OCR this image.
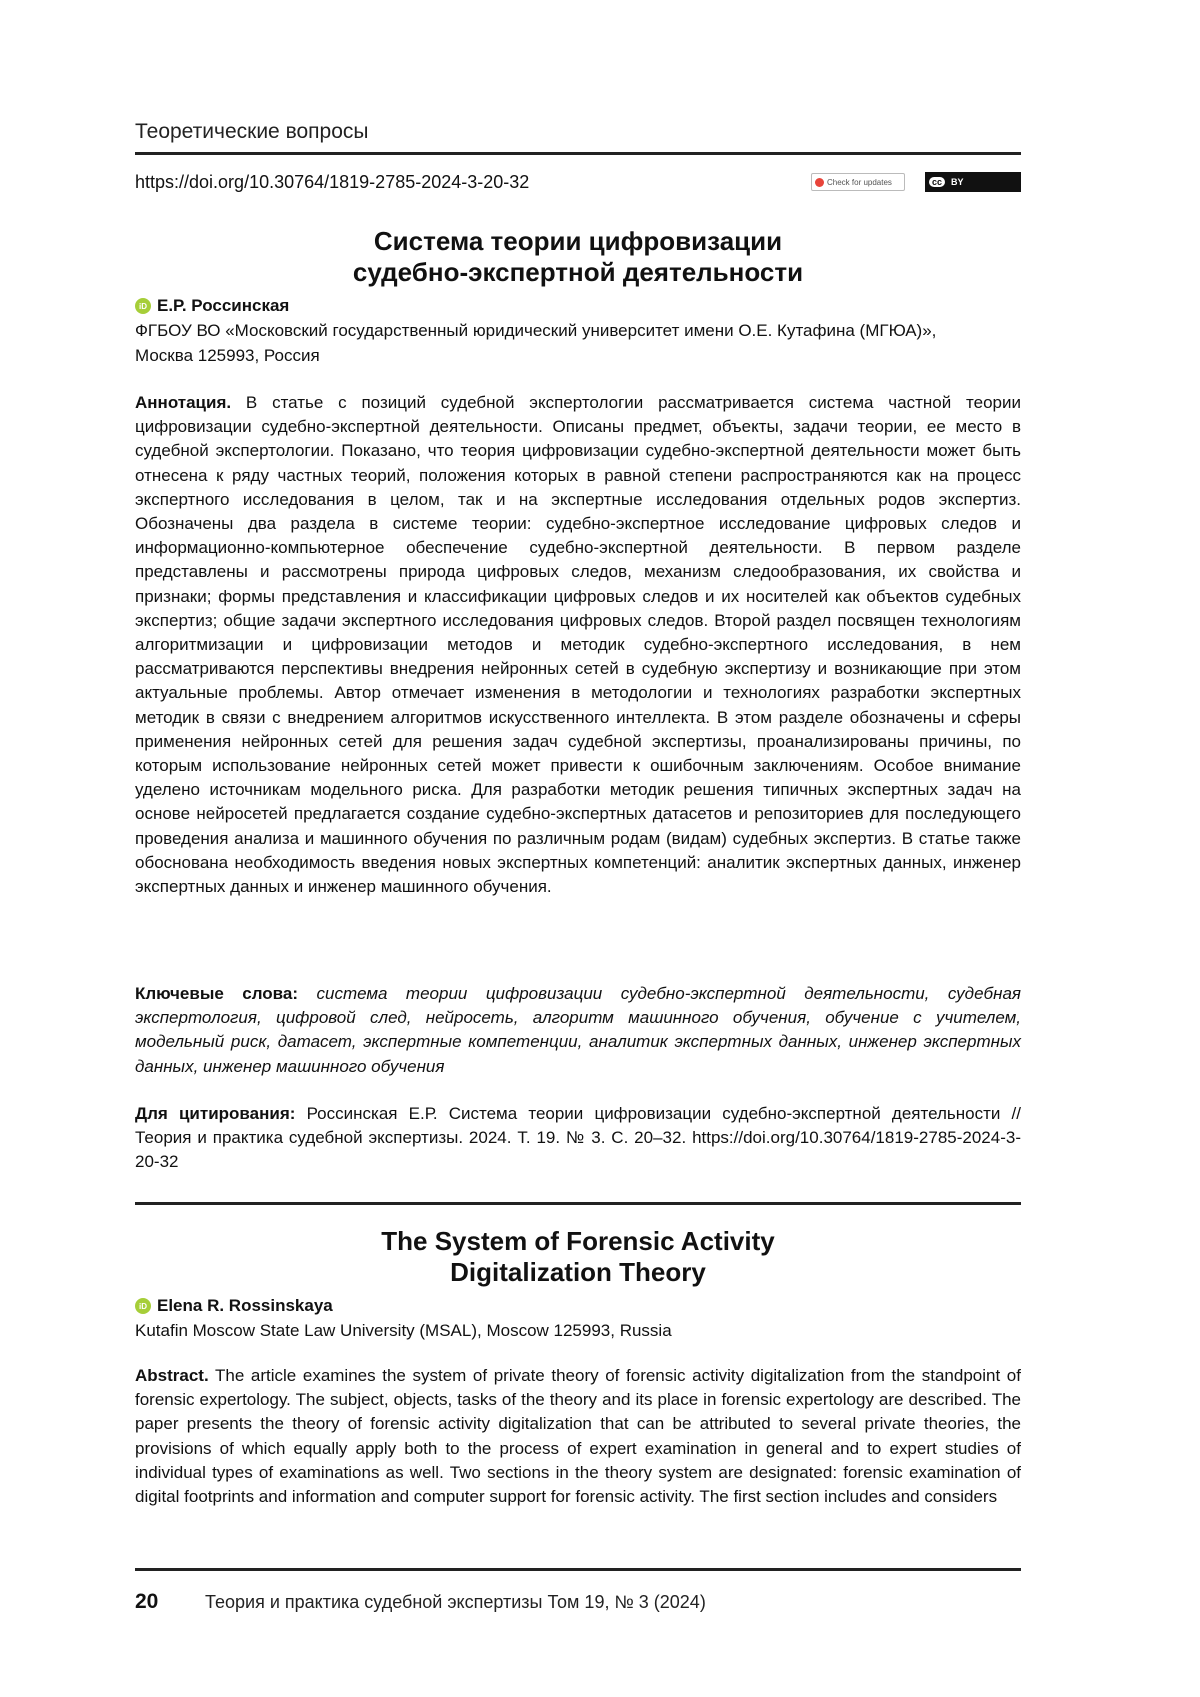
Теоретические вопросы
https://doi.org/10.30764/1819-2785-2024-3-20-32	Check for updates	cc	BY
Система теории цифровизации
судебно-экспертной деятельности
iD Е.Р. Россинская
ФГБОУ ВО «Московский государственный юридический университет имени О.Е. Кутафина (МГЮА)»,
Москва 125993, Россия
Аннотация. В статье с позиций судебной экспертологии рассматривается система частной теории цифровизации судебно-экспертной деятельности. Описаны предмет, объекты, задачи теории, ее место в судебной экспертологии. Показано, что теория цифровизации судебно-экспертной деятельности может быть отнесена к ряду частных теорий, положения которых в равной степени распространяются как на процесс экспертного исследования в целом, так и на экспертные исследования отдельных родов экспертиз. Обозначены два раздела в системе теории: судебно-экспертное исследование цифровых следов и информационно-компьютерное обеспечение судебно-экспертной деятельности. В первом разделе представлены и рассмотрены природа цифровых следов, механизм следообразования, их свойства и признаки; формы представления и классификации цифровых следов и их носителей как объектов судебных экспертиз; общие задачи экспертного исследования цифровых следов. Второй раздел посвящен технологиям алгоритмизации и цифровизации методов и методик судебно-экспертного исследования, в нем рассматриваются перспективы внедрения нейронных сетей в судебную экспертизу и возникающие при этом актуальные проблемы. Автор отмечает изменения в методологии и технологиях разработки экспертных методик в связи с внедрением алгоритмов искусственного интеллекта. В этом разделе обозначены и сферы применения нейронных сетей для решения задач судебной экспертизы, проанализированы причины, по которым использование нейронных сетей может привести к ошибочным заключениям. Особое внимание уделено источникам модельного риска. Для разработки методик решения типичных экспертных задач на основе нейросетей предлагается создание судебно-экспертных датасетов и репозиториев для последующего проведения анализа и машинного обучения по различным родам (видам) судебных экспертиз. В статье также обоснована необходимость введения новых экспертных компетенций: аналитик экспертных данных, инженер экспертных данных и инженер машинного обучения.
Ключевые слова: система теории цифровизации судебно-экспертной деятельности, судебная экспертология, цифровой след, нейросеть, алгоритм машинного обучения, обучение с учителем, модельный риск, датасет, экспертные компетенции, аналитик экспертных данных, инженер экспертных данных, инженер машинного обучения
Для цитирования: Россинская Е.Р. Система теории цифровизации судебно-экспертной деятельности // Теория и практика судебной экспертизы. 2024. Т. 19. № 3. С. 20–32. https://doi.org/10.30764/1819-2785-2024-3-20-32
The System of Forensic Activity
Digitalization Theory
iD Elena R. Rossinskaya
Kutafin Moscow State Law University (MSAL), Moscow 125993, Russia
Abstract. The article examines the system of private theory of forensic activity digitalization from the standpoint of forensic expertology. The subject, objects, tasks of the theory and its place in forensic expertology are described. The paper presents the theory of forensic activity digitalization that can be attributed to several private theories, the provisions of which equally apply both to the process of expert examination in general and to expert studies of individual types of examinations as well. Two sections in the theory system are designated: forensic examination of digital footprints and information and computer support for forensic activity. The first section includes and considers
20	Теория и практика судебной экспертизы Том 19, № 3 (2024)
